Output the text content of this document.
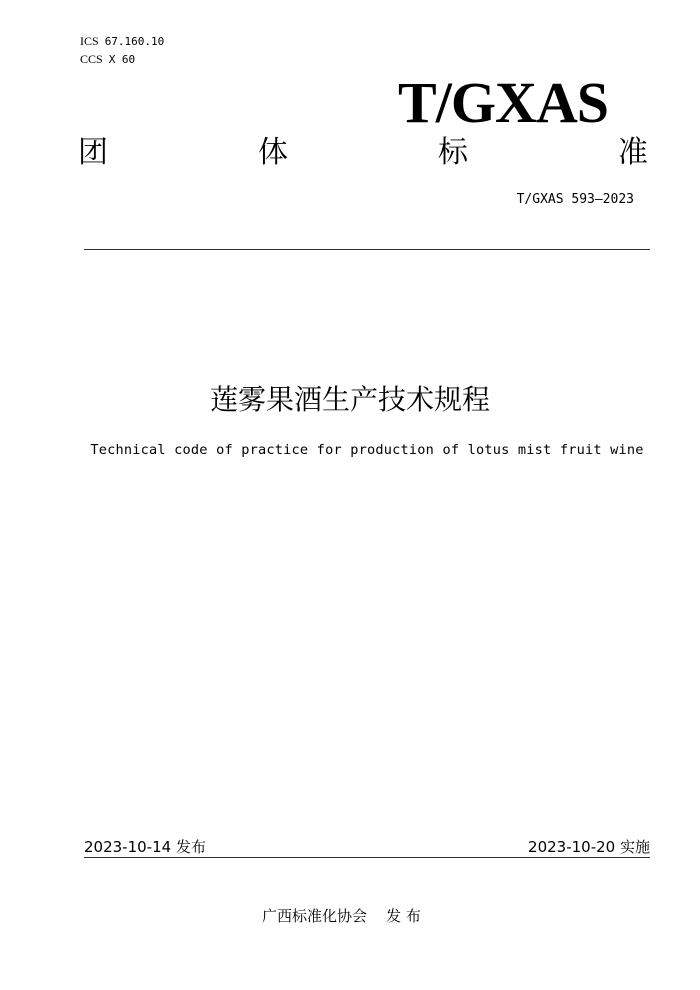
ICS 67.160.10
CCS X 60
T/GXAS
团	体	标	准
T/GXAS 593—2023
莲雾果酒生产技术规程
Technical code of practice for production of lotus mist fruit wine
2023-10-14 发布	2023-10-20 实施
广西标准化协会    发 布
